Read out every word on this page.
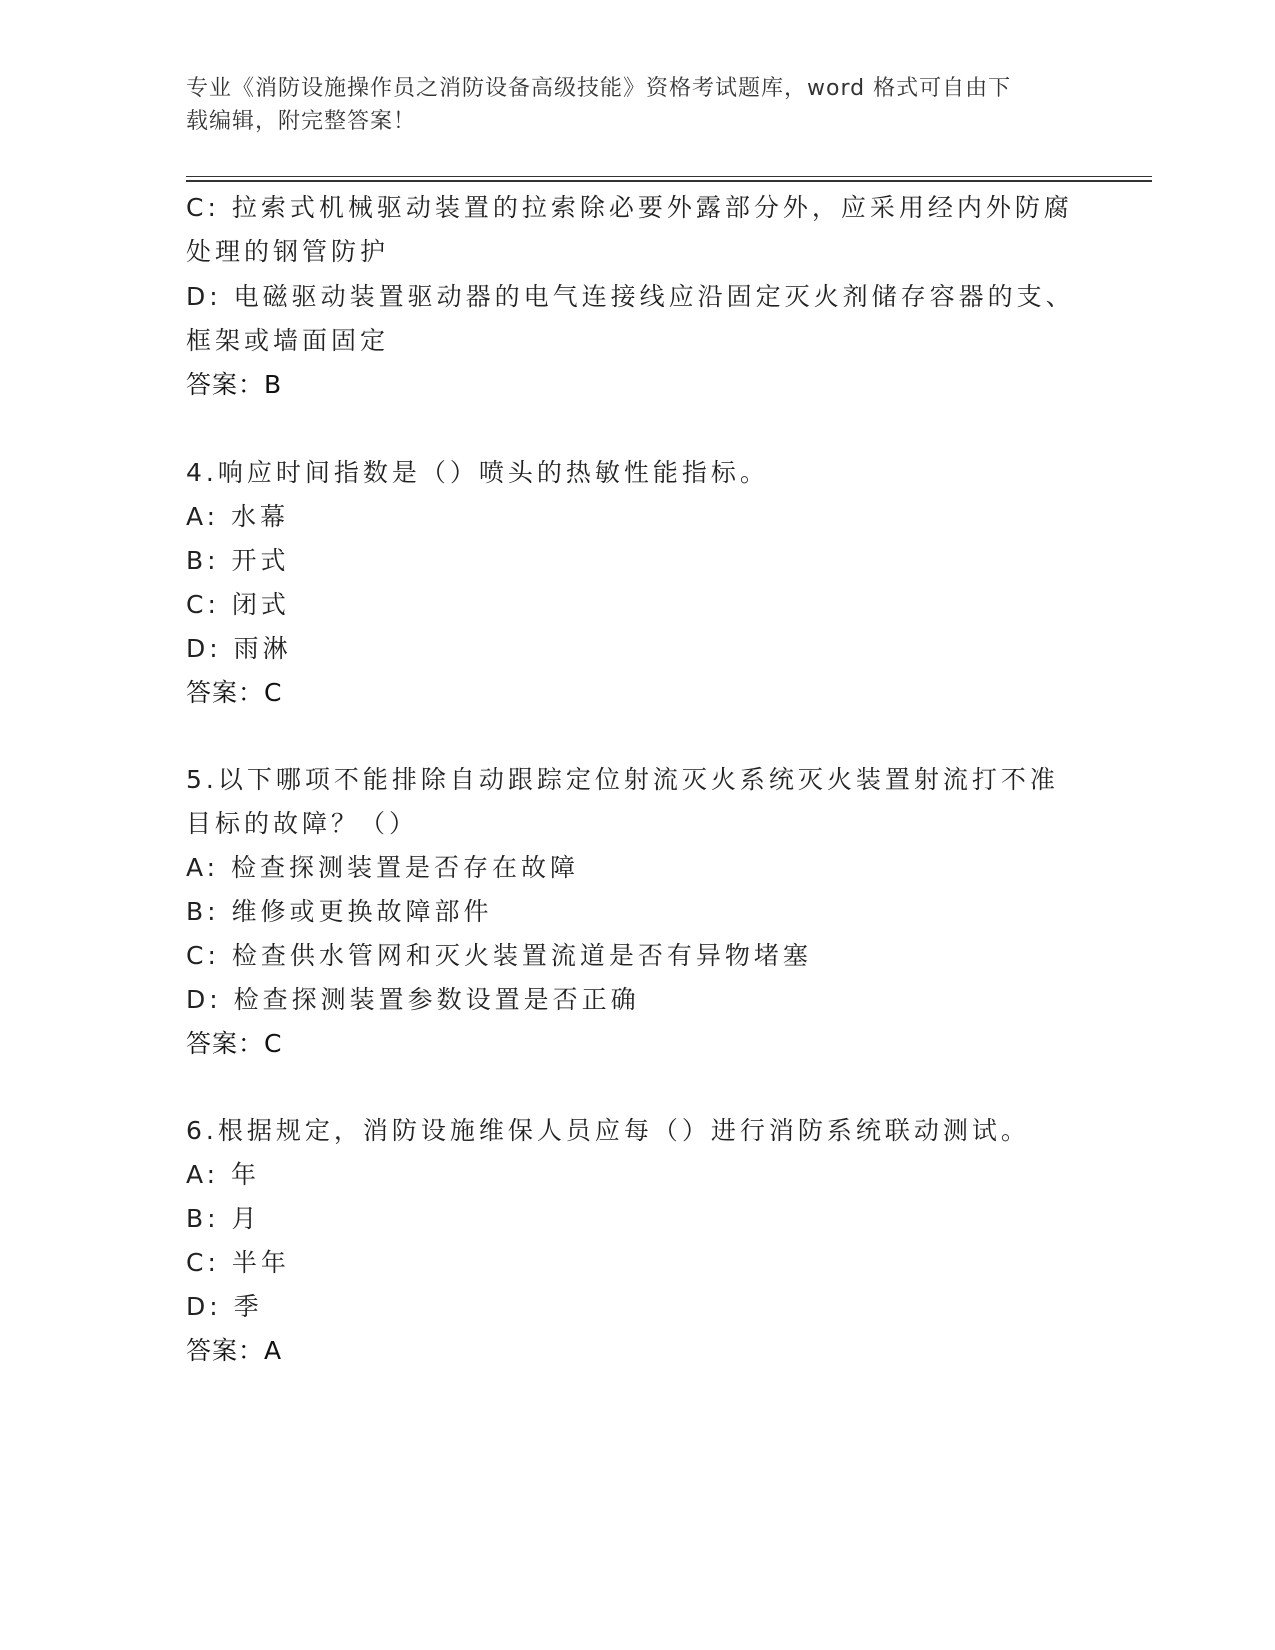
专业《消防设施操作员之消防设备高级技能》资格考试题库，word 格式可自由下
载编辑，附完整答案！
C: 拉索式机械驱动装置的拉索除必要外露部分外，应采用经内外防腐
处理的钢管防护
D: 电磁驱动装置驱动器的电气连接线应沿固定灭火剂储存容器的支、
框架或墙面固定
答案：B
4.响应时间指数是（）喷头的热敏性能指标。
A: 水幕
B: 开式
C: 闭式
D: 雨淋
答案：C
5.以下哪项不能排除自动跟踪定位射流灭火系统灭火装置射流打不准
目标的故障？（）
A: 检查探测装置是否存在故障
B: 维修或更换故障部件
C: 检查供水管网和灭火装置流道是否有异物堵塞
D: 检查探测装置参数设置是否正确
答案：C
6.根据规定，消防设施维保人员应每（）进行消防系统联动测试。
A: 年
B: 月
C: 半年
D: 季
答案：A
